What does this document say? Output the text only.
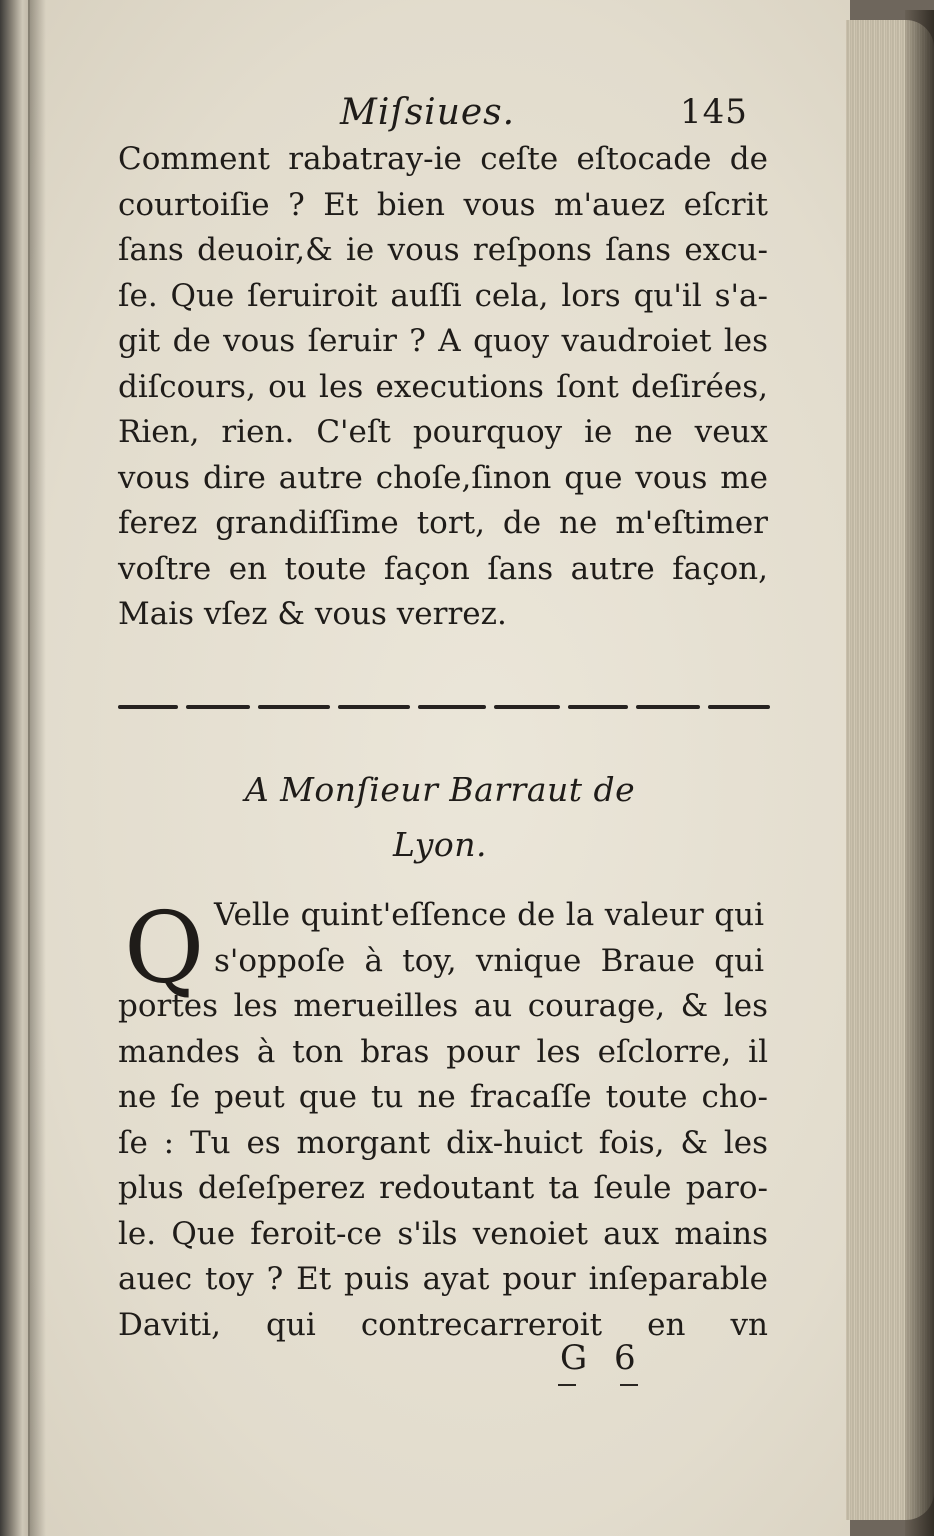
Miſsiues.	145
Comment rabatray-ie ceſte eſtocade de
courtoiſie ? Et bien vous m'auez eſcrit
ſans deuoir,& ie vous reſpons ſans excu-
ſe. Que ſeruiroit auſſi cela, lors qu'il s'a-
git de vous ſeruir ? A quoy vaudroiet les
diſcours, ou les executions ſont deſirées,
Rien, rien. C'eſt pourquoy ie ne veux
vous dire autre choſe,ſinon que vous me
ferez grandiſſime tort, de ne m'eſtimer
voſtre en toute façon ſans autre façon,
Mais vſez & vous verrez.
A Monſieur Barraut de
Lyon.
Q Velle quint'eſſence de la valeur qui
s'oppoſe à toy, vnique Braue qui
portes les merueilles au courage, & les
mandes à ton bras pour les eſclorre, il
ne ſe peut que tu ne fracaſſe toute cho-
ſe : Tu es morgant dix-huict fois, & les
plus deſeſperez redoutant ta ſeule paro-
le. Que feroit-ce s'ils venoiet aux mains
auec toy ? Et puis ayat pour inſeparable
Daviti, qui contrecarreroit en vn
G 6
